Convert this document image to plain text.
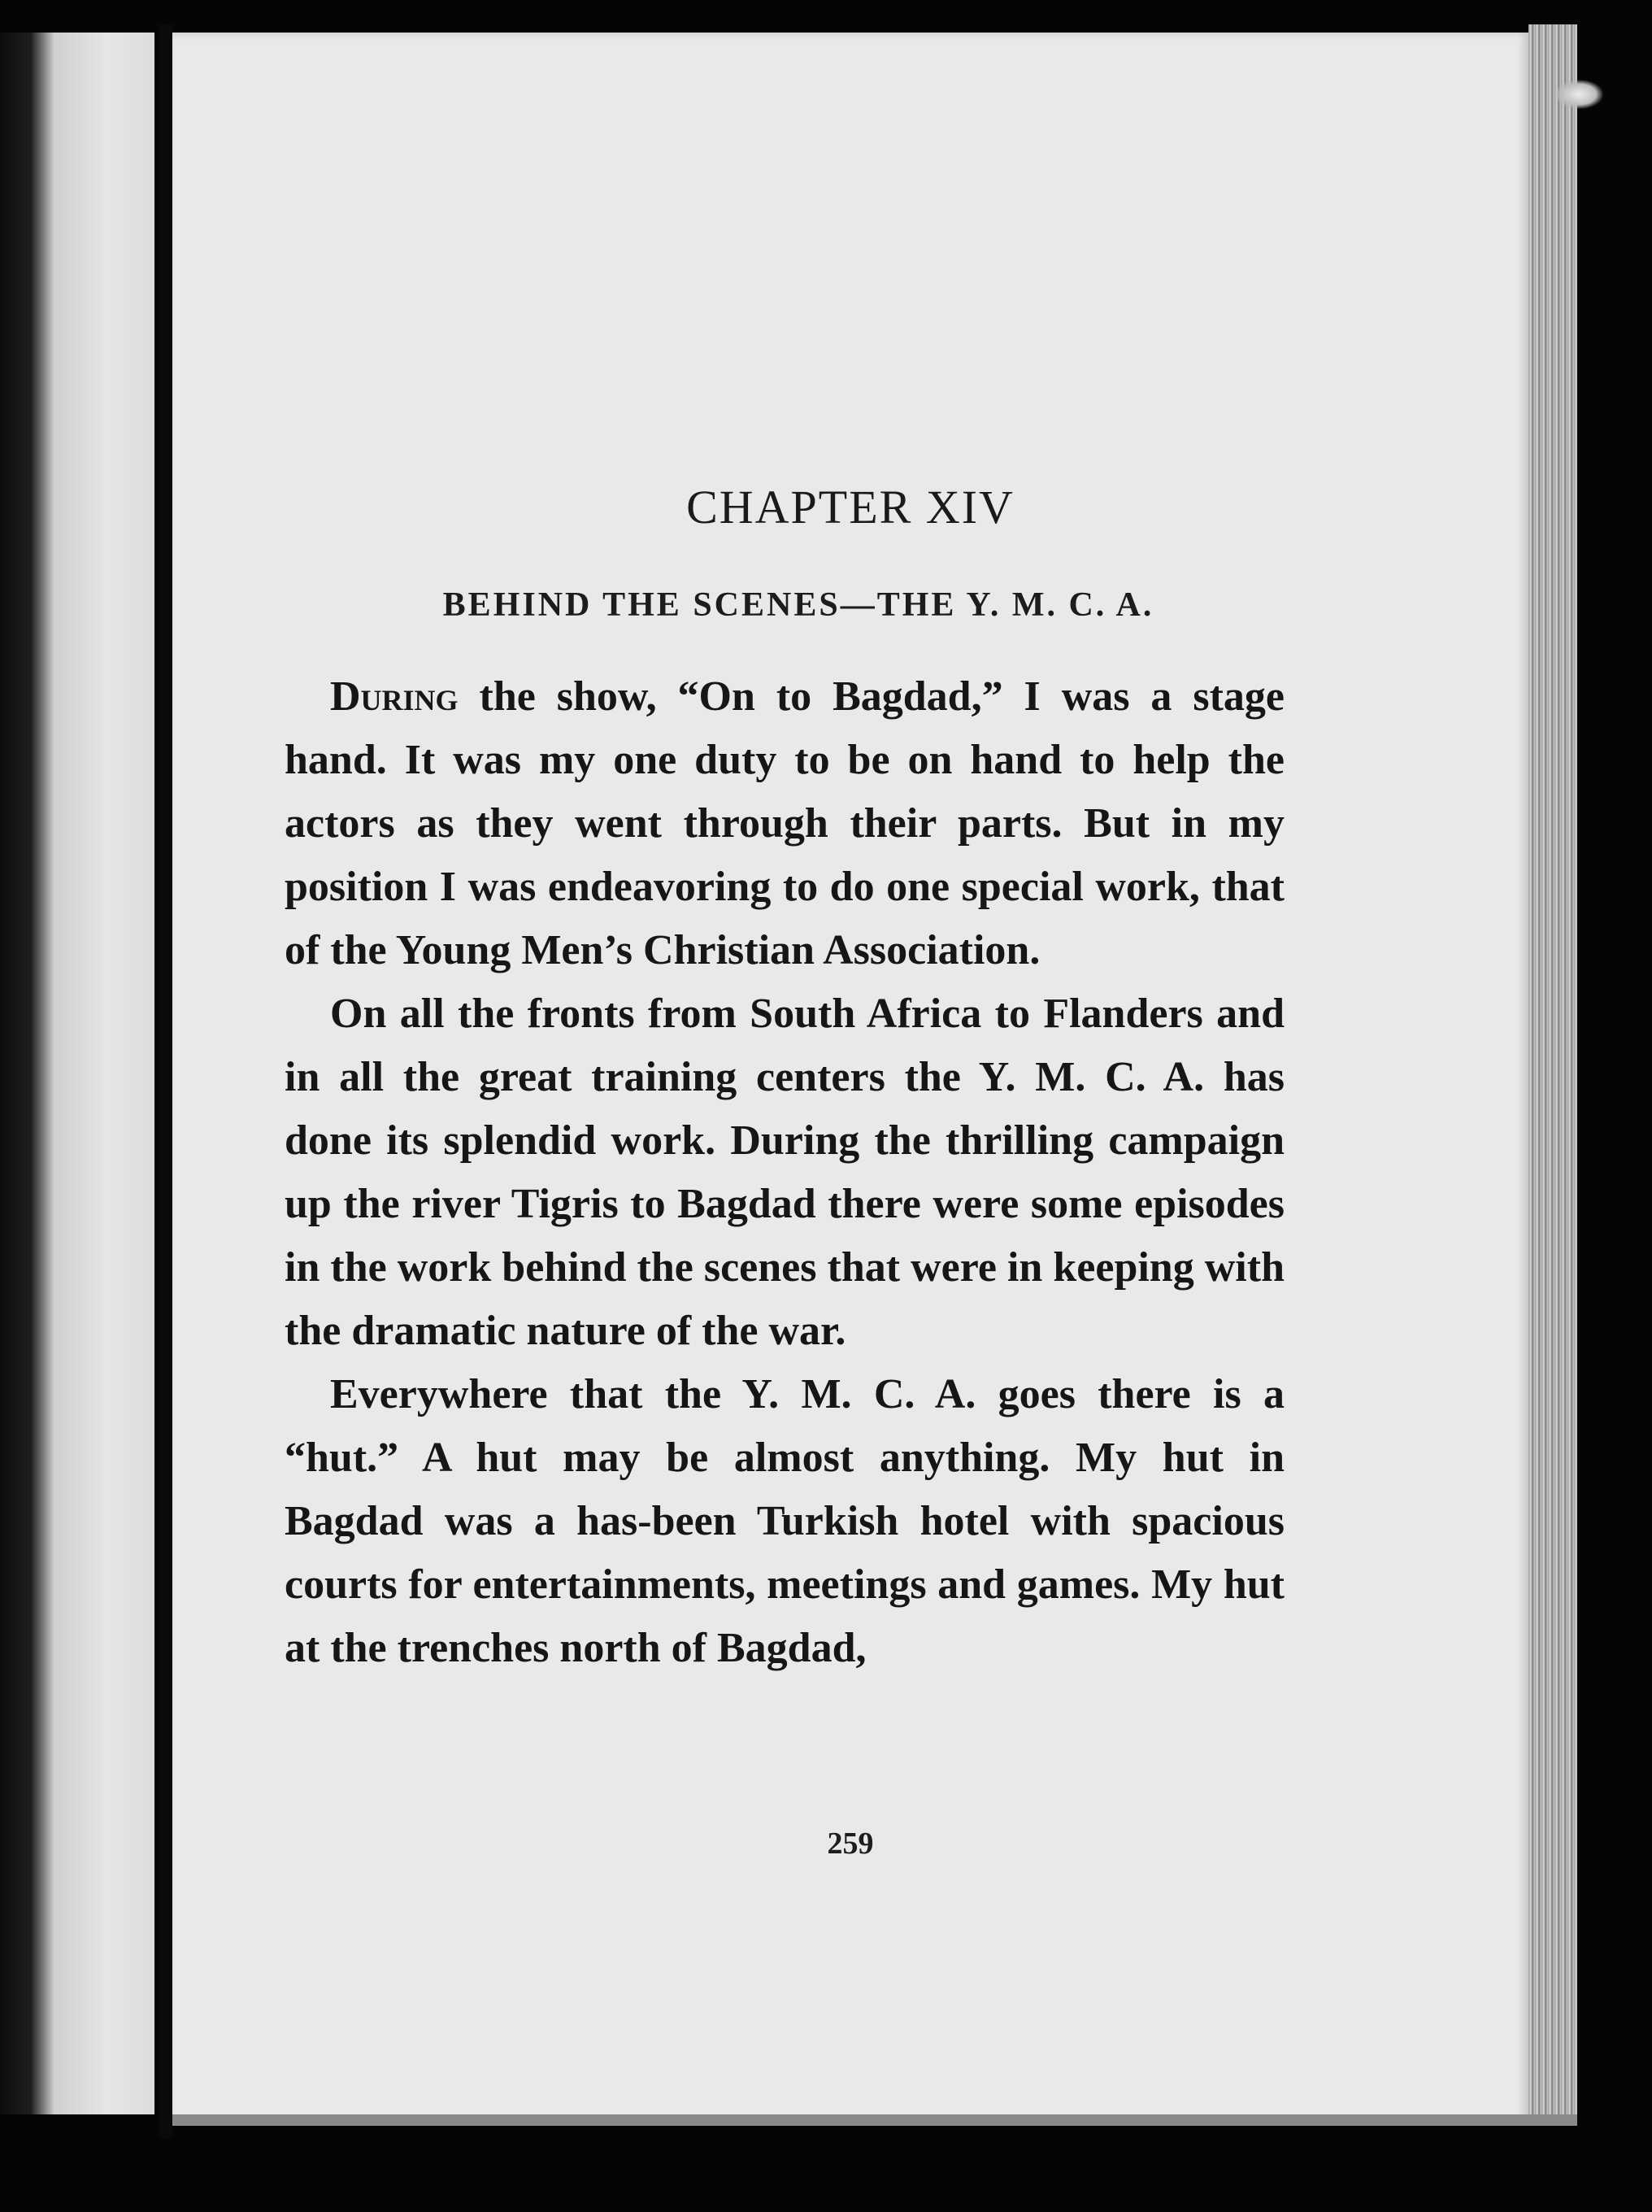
CHAPTER XIV
BEHIND THE SCENES—THE Y. M. C. A.

During the show, “On to Bagdad,” I was a stage hand. It was my one duty to be on hand to help the actors as they went through their parts. But in my position I was endeavoring to do one special work, that of the Young Men’s Christian Association.

On all the fronts from South Africa to Flanders and in all the great training centers the Y. M. C. A. has done its splendid work. During the thrilling campaign up the river Tigris to Bagdad there were some episodes in the work behind the scenes that were in keeping with the dramatic nature of the war.

Everywhere that the Y. M. C. A. goes there is a “hut.” A hut may be almost anything. My hut in Bagdad was a has-been Turkish hotel with spacious courts for entertainments, meetings and games. My hut at the trenches north of Bagdad,

259
